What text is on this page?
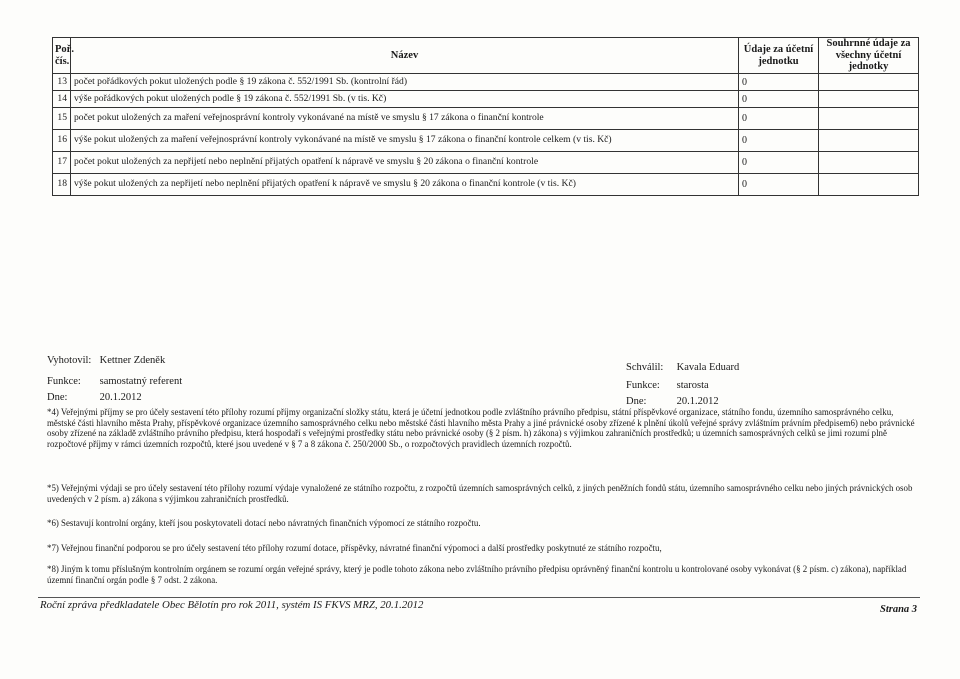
Poř. čís.	Název	Údaje za účetní jednotku	Souhrnné údaje za všechny účetní jednotky
13	počet pořádkových pokut uložených podle § 19 zákona č. 552/1991 Sb. (kontrolní řád)	0	
14	výše pořádkových pokut uložených podle § 19 zákona č. 552/1991 Sb. (v tis. Kč)	0	
15	počet pokut uložených za maření veřejnosprávní kontroly vykonávané na místě ve smyslu § 17 zákona o finanční kontrole	0	
16	výše pokut uložených za maření veřejnosprávní kontroly vykonávané na místě ve smyslu § 17 zákona o finanční kontrole celkem (v tis. Kč)	0	
17	počet pokut uložených za nepřijetí nebo neplnění přijatých opatření k nápravě ve smyslu § 20 zákona o finanční kontrole	0	
18	výše pokut uložených za nepřijetí nebo neplnění přijatých opatření k nápravě ve smyslu § 20 zákona o finanční kontrole (v tis. Kč)	0	
Vyhotovil: Kettner Zdeněk
Funkce: samostatný referent
Dne:	20.1.2012
Schválil: Kavala Eduard
Funkce: starosta
Dne:	20.1.2012

*4) Veřejnými příjmy se pro účely sestavení této přílohy rozumí příjmy organizační složky státu, která je účetní jednotkou podle zvláštního právního předpisu, státní příspěvkové organizace, státního fondu, územního samosprávného celku, městské části hlavního města Prahy, příspěvkové organizace územního samosprávného celku nebo městské části hlavního města Prahy a jiné právnické osoby zřízené k plnění úkolů veřejné správy zvláštním právním předpisem6) nebo právnické osoby zřízené na základě zvláštního právního předpisu, která hospodaří s veřejnými prostředky státu nebo právnické osoby (§ 2 písm. h) zákona) s výjimkou zahraničních prostředků; u územních samosprávných celků se jimi rozumí plně rozpočtové příjmy v rámci územních rozpočtů, které jsou uvedené v § 7 a 8 zákona č. 250/2000 Sb., o rozpočtových pravidlech územních rozpočtů.

*5) Veřejnými výdaji se pro účely sestavení této přílohy rozumí výdaje vynaložené ze státního rozpočtu, z rozpočtů územních samosprávných celků, z jiných peněžních fondů státu, územního samosprávného celku nebo jiných právnických osob uvedených v 2 písm. a) zákona s výjimkou zahraničních prostředků.

*6) Sestavují kontrolní orgány, kteří jsou poskytovateli dotací nebo návratných finančních výpomocí ze státního rozpočtu.

*7) Veřejnou finanční podporou se pro účely sestavení této přílohy rozumí dotace, příspěvky, návratné finanční výpomoci a další prostředky poskytnuté ze státního rozpočtu,

*8) Jiným k tomu příslušným kontrolním orgánem se rozumí orgán veřejné správy, který je podle tohoto zákona nebo zvláštního právního předpisu oprávněný finanční kontrolu u kontrolované osoby vykonávat (§ 2 písm. c) zákona), například územní finanční orgán podle § 7 odst. 2 zákona.

Roční zpráva předkladatele Obec Bělotín pro rok 2011, systém IS FKVS MRZ, 20.1.2012	Strana 3
